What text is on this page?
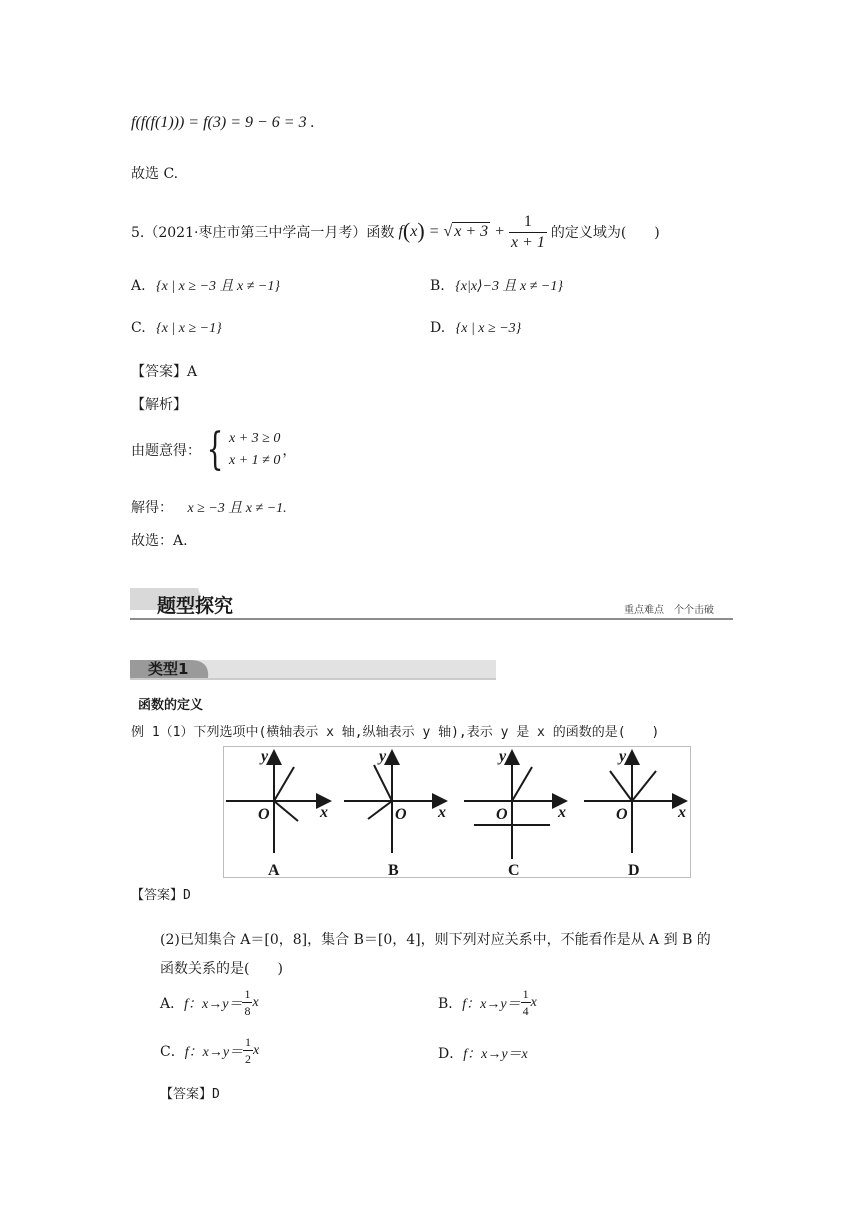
f(f(f(1))) = f(3) = 9 − 6 = 3 .
故选 C.
5.（2021·枣庄市第三中学高一月考）函数 f(x) = √ $x + 3 + \frac{1}{x + 1}$ 的定义域为(　　)
A. {x | x ≥ −3 且 x ≠ −1}	B. {x|x⟩−3 且 x ≠ −1}
C. {x | x ≥ −1}	D. {x | x ≥ −3}
【答案】A
【解析】
由题意得： { x + 3 ≥ 0
x + 1 ≠ 0
，
解得： x ≥ −3 且 x ≠ −1.
故选：A.
题型探究	重点难点　个个击破
类型1
函数的定义
例 1（1）下列选项中(横轴表示 x 轴,纵轴表示 y 轴),表示 y 是 x 的函数的是(　　)
y
x
O
y
x
O
y
x
O
y
x
O
A	B	C	D
【答案】D
(2)已知集合 A＝[0，8]，集合 B＝[0，4]，则下列对应关系中，不能看作是从 A 到 B 的
函数关系的是(　　)
A． f：$x\to y= \frac{1}{8}$ x	B． f：$x\to y= \frac{1}{4}$ x
C． f：$x\to y= \frac{1}{2}$ x	D． f：x→y＝x
【答案】D
